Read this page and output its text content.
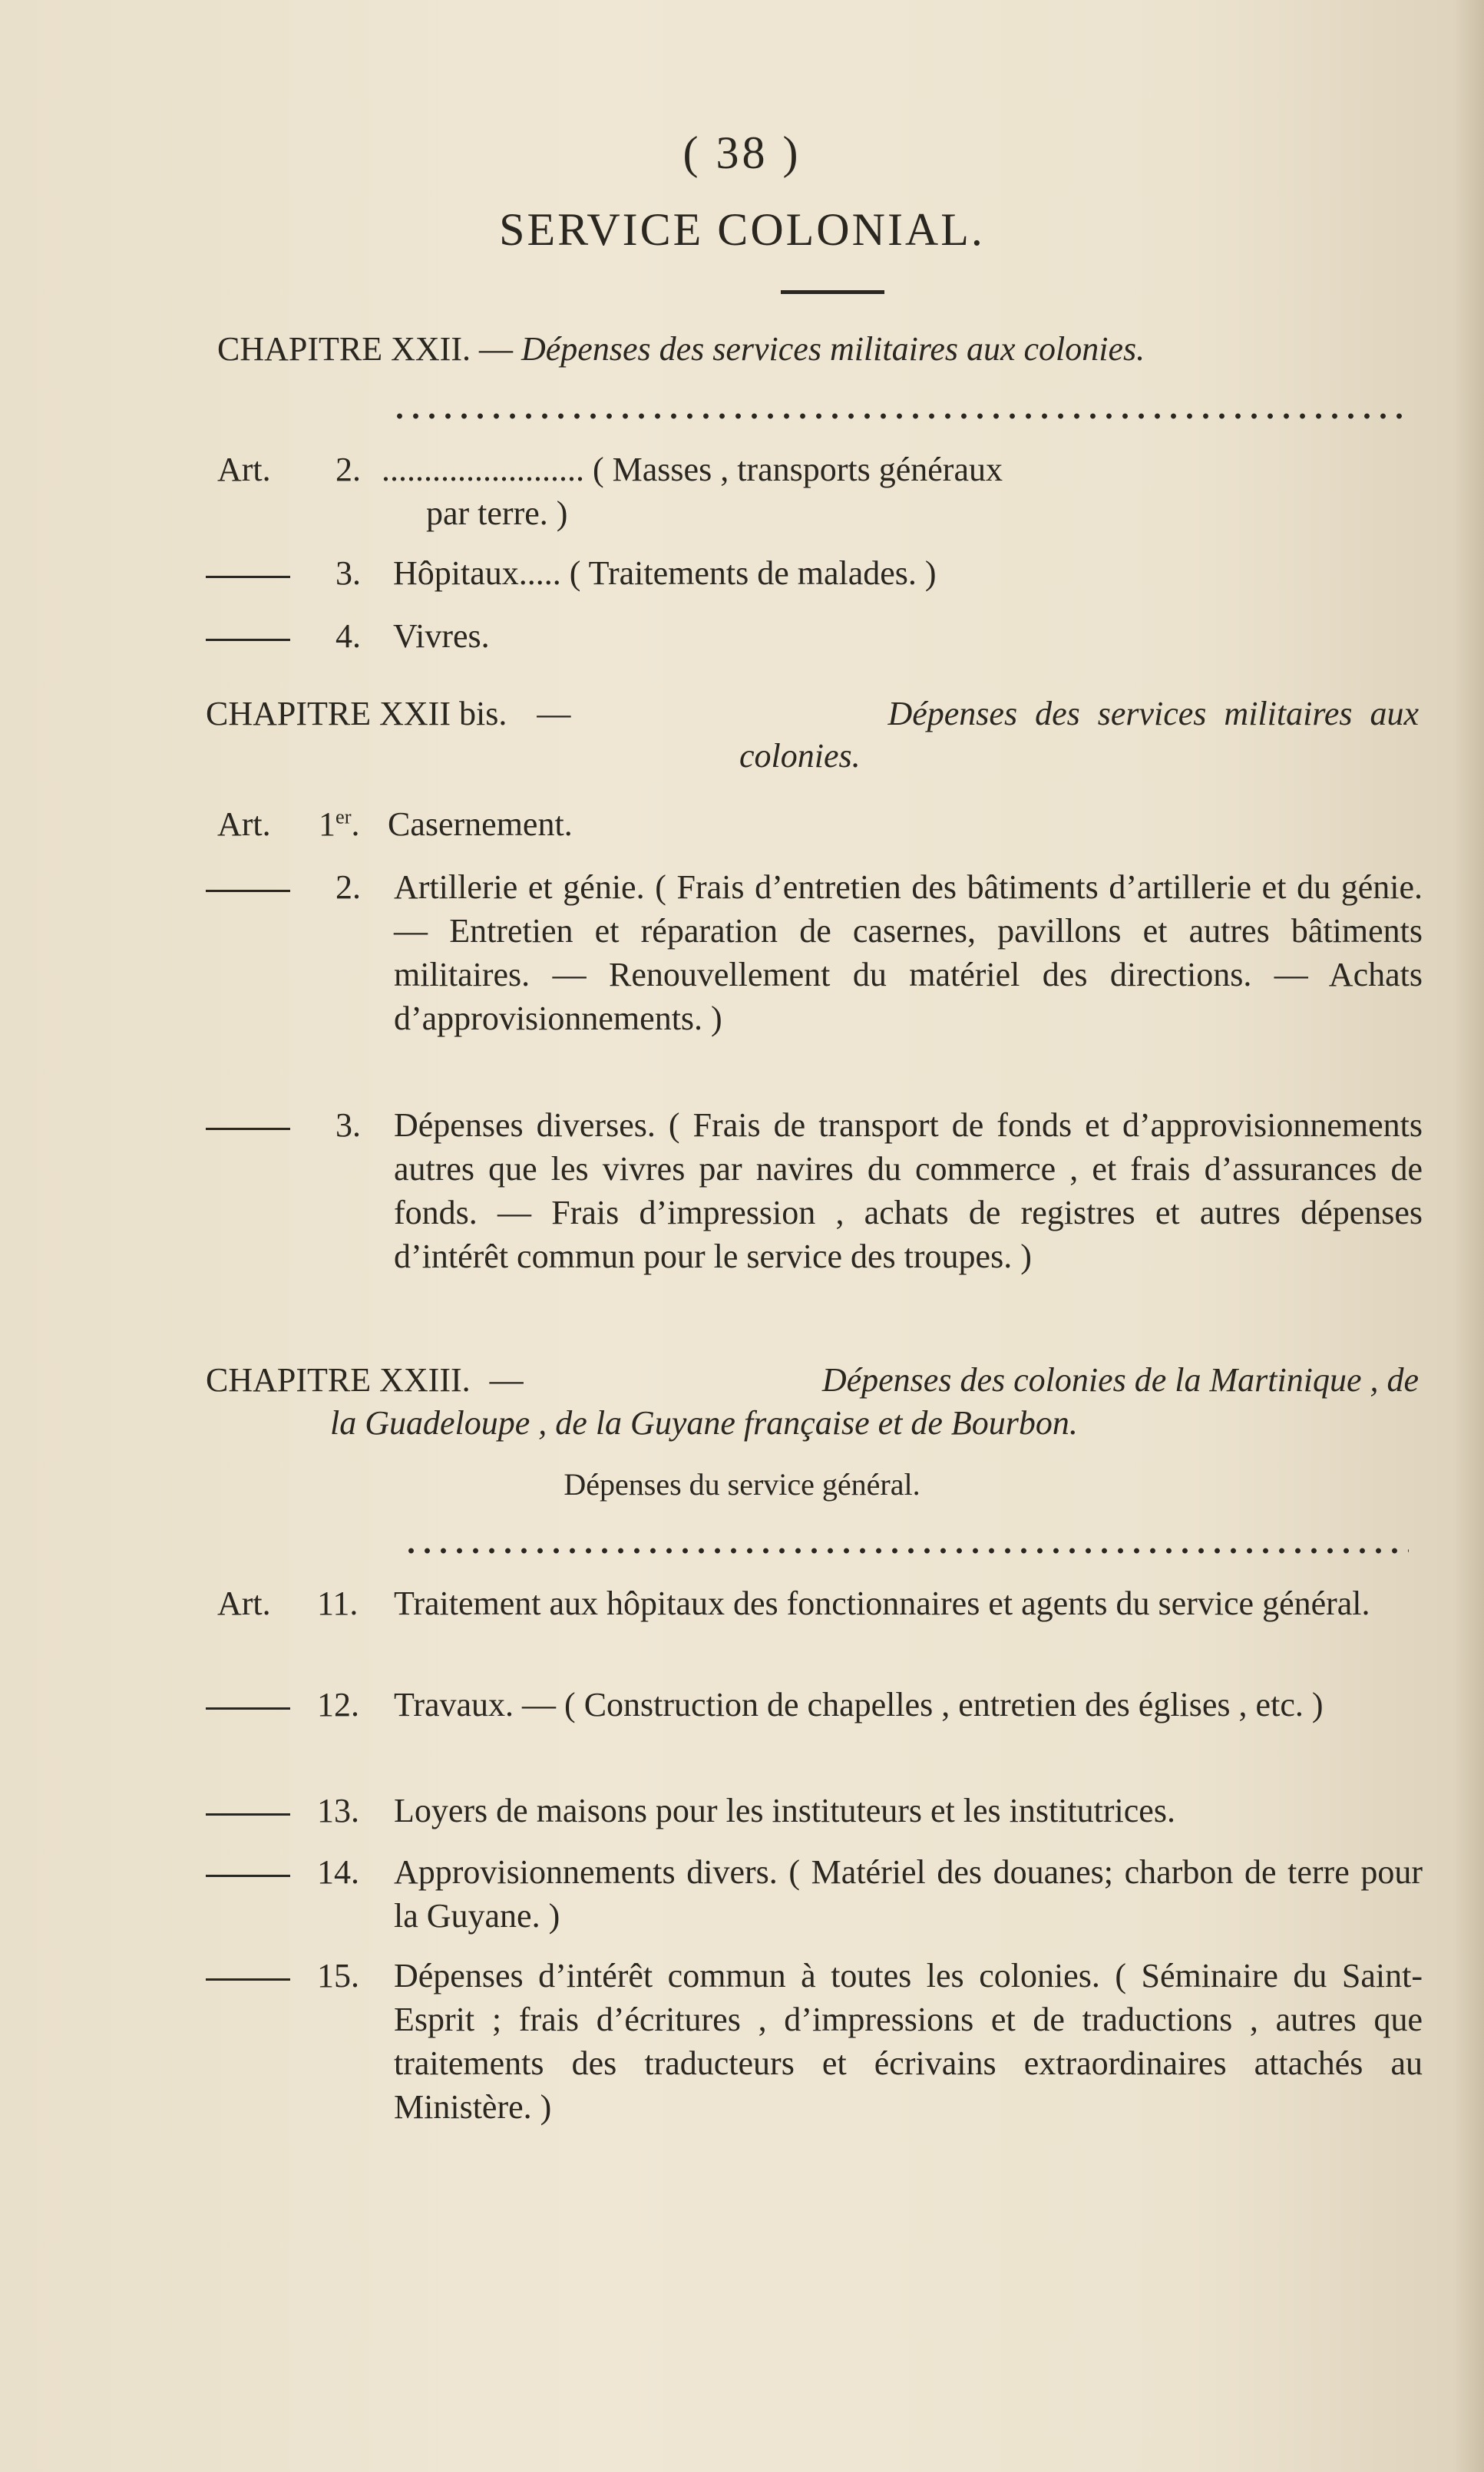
( 38 )
SERVICE COLONIAL.
CHAPITRE XXII. — Dépenses des services militaires aux colonies.
Art. 2. ........................ ( Masses , transports généraux
par terre. )
3. Hôpitaux..... ( Traitements de malades. )
4. Vivres.
CHAPITRE XXII bis. —	Dépenses des services militaires aux
colonies.
Art. 1er. Casernement.
2. Artillerie et génie. ( Frais d’entretien des bâtiments d’artillerie et du génie. — Entretien et réparation de casernes, pavillons et autres bâtiments militaires. — Renouvellement du matériel des directions. — Achats d’approvisionnements. )
3. Dépenses diverses. ( Frais de transport de fonds et d’approvisionnements autres que les vivres par navires du commerce , et frais d’assurances de fonds. — Frais d’impression , achats de registres et autres dépenses d’intérêt commun pour le service des troupes. )
CHAPITRE XXIII. —	Dépenses des colonies de la Martinique , de
la Guadeloupe , de la Guyane française et de Bourbon.
Dépenses du service général.
Art. 11. Traitement aux hôpitaux des fonctionnaires et agents du service général.
12. Travaux. — ( Construction de chapelles , entretien des églises , etc. )
13. Loyers de maisons pour les instituteurs et les institutrices.
14. Approvisionnements divers. ( Matériel des douanes; charbon de terre pour la Guyane. )
15. Dépenses d’intérêt commun à toutes les colonies. ( Séminaire du Saint-Esprit ; frais d’écritures , d’impressions et de traductions , autres que traitements des traducteurs et écrivains extraordinaires attachés au Ministère. )
